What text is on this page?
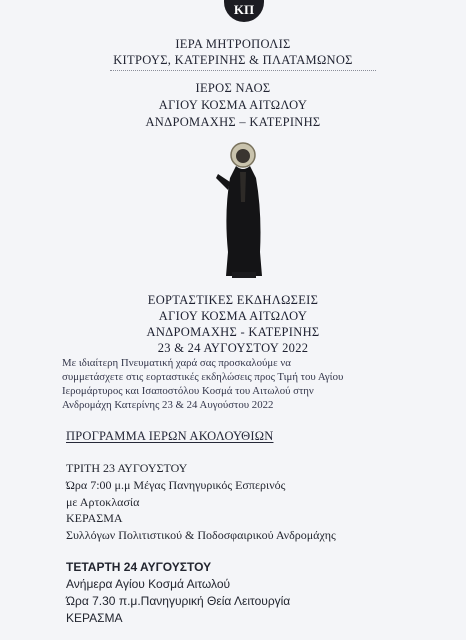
ΚΠ
ΙΕΡΑ ΜΗΤΡΟΠΟΛΙΣ
ΚΙΤΡΟΥΣ, ΚΑΤΕΡΙΝΗΣ & ΠΛΑΤΑΜΩΝΟΣ
ΙΕΡΟΣ ΝΑΟΣ
ΑΓΙΟΥ ΚΟΣΜΑ ΑΙΤΩΛΟΥ
ΑΝΔΡΟΜΑΧΗΣ – ΚΑΤΕΡΙΝΗΣ
ΕΟΡΤΑΣΤΙΚΕΣ ΕΚΔΗΛΩΣΕΙΣ
ΑΓΙΟΥ ΚΟΣΜΑ ΑΙΤΩΛΟΥ
ΑΝΔΡΟΜΑΧΗΣ - ΚΑΤΕΡΙΝΗΣ
23 & 24 ΑΥΓΟΥΣΤΟΥ 2022
Με ιδιαίτερη Πνευματική χαρά σας προσκαλούμε να
συμμετάσχετε στις εορταστικές εκδηλώσεις προς Τιμή του Αγίου
Ιερομάρτυρος και Ισαποστόλου Κοσμά του Αιτωλού στην
Ανδρομάχη Κατερίνης 23 & 24 Αυγούστου 2022
ΠΡΟΓΡΑΜΜΑ ΙΕΡΩΝ ΑΚΟΛΟΥΘΙΩΝ
ΤΡΙΤΗ 23 ΑΥΓΟΥΣΤΟΥ
Ώρα 7:00 μ.μ Μέγας Πανηγυρικός Εσπερινός
με Αρτοκλασία
ΚΕΡΑΣΜΑ
Συλλόγων Πολιτιστικού & Ποδοσφαιρικού Ανδρομάχης
ΤΕΤΑΡΤΗ 24 ΑΥΓΟΥΣΤΟΥ
Ανήμερα Αγίου Κοσμά Αιτωλού
Ώρα 7.30 π.μ.Πανηγυρική Θεία Λειτουργία
ΚΕΡΑΣΜΑ
